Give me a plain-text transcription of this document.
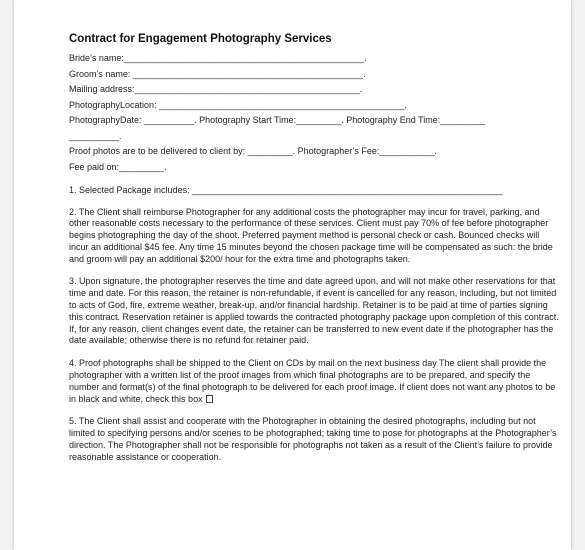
Contract for Engagement Photography Services
Bride’s name:________________________________________________.
Groom’s name: ______________________________________________.
Mailing address:_____________________________________________.
PhotographyLocation: _________________________________________________.
PhotographyDate: __________. Photography Start Time:_________. Photography End Time:_________
__________.
Proof photos are to be delivered to client by: _________. Photographer’s Fee:___________.
Fee paid on:_________.
1. Selected Package includes: ______________________________________________________________

2. The Client shall reimburse Photographer for any additional costs the photographer may incur for travel, parking, and other reasonable costs necessary to the performance of these services. Client must pay 70% of fee before photographer begins photographing the day of the shoot. Preferred payment method is personal check or cash. Bounced checks will incur an additional $45 fee. Any time 15 minutes beyond the chosen package time will be compensated as such: the bride and groom will pay an additional $200/ hour for the extra time and photographs taken.

3. Upon signature, the photographer reserves the time and date agreed upon, and will not make other reservations for that time and date. For this reason, the retainer is non-refundable, if event is cancelled for any reason, including, but not limited to acts of God, fire, extreme weather, break-up, and/or financial hardship. Retainer is to be paid at time of parties signing this contract. Reservation retainer is applied towards the contracted photography package upon completion of this contract. If, for any reason, client changes event date, the retainer can be transferred to new event date if the photographer has the date available; otherwise there is no refund for retainer paid.

4. Proof photographs shall be shipped to the Client on CDs by mail on the next business day The client shall provide the photographer with a written list of the proof images from which final photographs are to be prepared, and specify the number and format(s) of the final photograph to be delivered for each proof image. If client does not want any photos to be in black and white, check this box

5. The Client shall assist and cooperate with the Photographer in obtaining the desired photographs, including but not limited to specifying persons and/or scenes to be photographed; taking time to pose for photographs at the Photographer’s direction. The Photographer shall not be responsible for photographs not taken as a result of the Client’s failure to provide reasonable assistance or cooperation.
